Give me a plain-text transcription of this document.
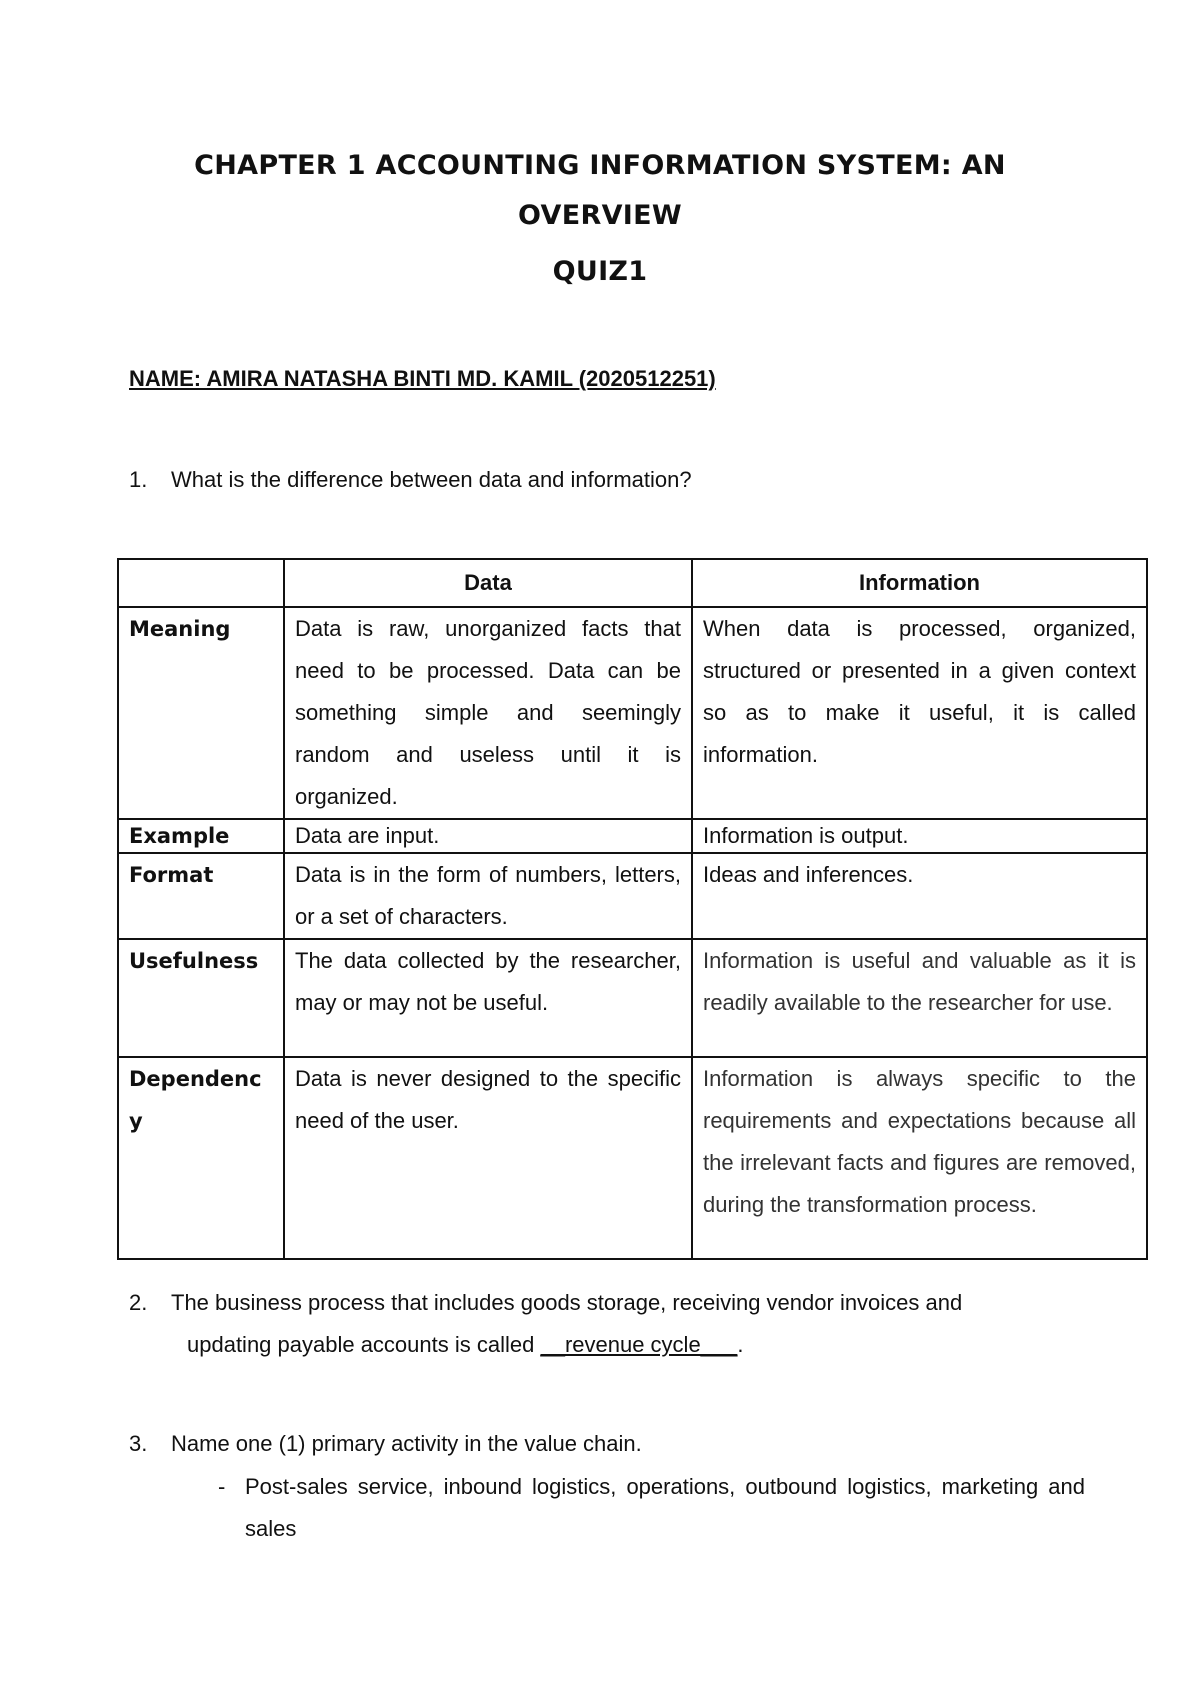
CHAPTER 1 ACCOUNTING INFORMATION SYSTEM: AN
OVERVIEW
QUIZ1
NAME: AMIRA NATASHA BINTI MD. KAMIL (2020512251)
1. What is the difference between data and information?
	Data	Information
Meaning	Data is raw, unorganized facts that need to be processed. Data can be something simple and seemingly random and useless until it is organized.	When data is processed, organized, structured or presented in a given context so as to make it useful, it is called information.
Example	Data are input.	Information is output.
Format	Data is in the form of numbers, letters, or a set of characters.	Ideas and inferences.
Usefulness	The data collected by the researcher, may or may not be useful.	Information is useful and valuable as it is readily available to the researcher for use.
Dependency	Data is never designed to the specific need of the user.	Information is always specific to the requirements and expectations because all the irrelevant facts and figures are removed, during the transformation process.
2. The business process that includes goods storage, receiving vendor invoices and
updating payable accounts is called __revenue cycle___.
3. Name one (1) primary activity in the value chain.
- Post-sales service, inbound logistics, operations, outbound logistics, marketing and sales
